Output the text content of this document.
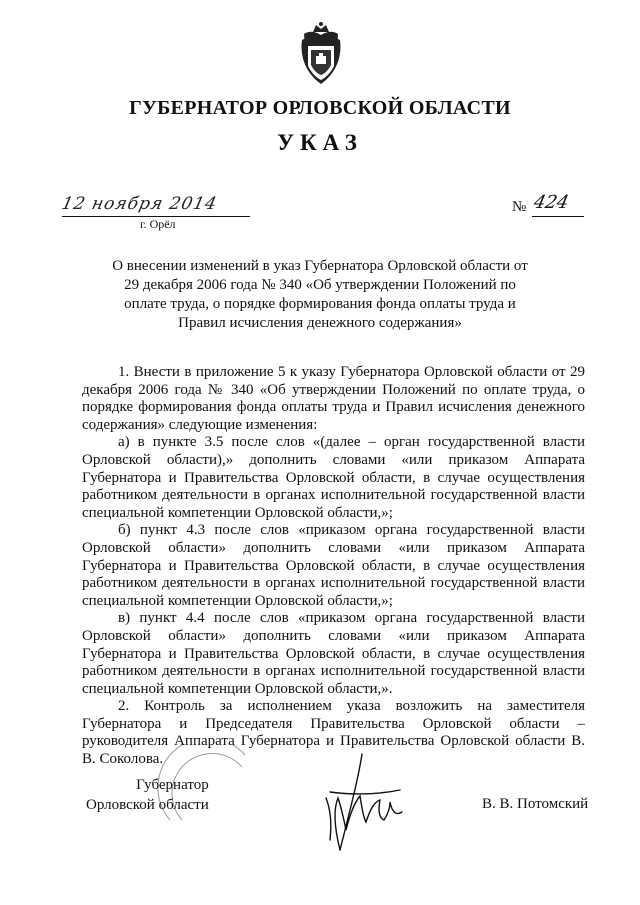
ГУБЕРНАТОР ОРЛОВСКОЙ ОБЛАСТИ
УКАЗ
12 ноября 2014
г. Орёл
№ 424
О внесении изменений в указ Губернатора Орловской области от 29 декабря 2006 года № 340 «Об утверждении Положений по оплате труда, о порядке формирования фонда оплаты труда и Правил исчисления денежного содержания»

1. Внести в приложение 5 к указу Губернатора Орловской области от 29 декабря 2006 года № 340 «Об утверждении Положений по оплате труда, о порядке формирования фонда оплаты труда и Правил исчисления денежного содержания» следующие изменения:

а) в пункте 3.5 после слов «(далее – орган государственной власти Орловской области),» дополнить словами «или приказом Аппарата Губернатора и Правительства Орловской области, в случае осуществления работником деятельности в органах исполнительной государственной власти специальной компетенции Орловской области,»;

б) пункт 4.3 после слов «приказом органа государственной власти Орловской области» дополнить словами «или приказом Аппарата Губернатора и Правительства Орловской области, в случае осуществления работником деятельности в органах исполнительной государственной власти специальной компетенции Орловской области,»;

в) пункт 4.4 после слов «приказом органа государственной власти Орловской области» дополнить словами «или приказом Аппарата Губернатора и Правительства Орловской области, в случае осуществления работником деятельности в органах исполнительной государственной власти специальной компетенции Орловской области,».

2. Контроль за исполнением указа возложить на заместителя Губернатора и Председателя Правительства Орловской области – руководителя Аппарата Губернатора и Правительства Орловской области В. В. Соколова.

Губернатор
Орловской области	В. В. Потомский
